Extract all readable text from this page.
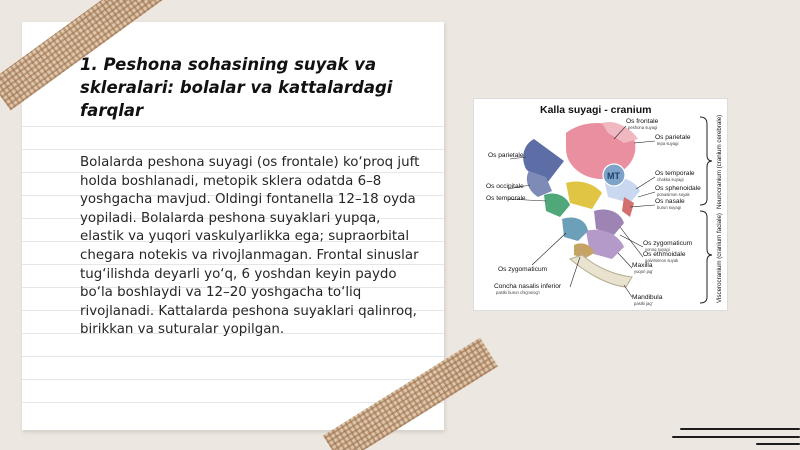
1. Peshona sohasining suyak va skleralari: bolalar va kattalardagi farqlar
Bolalarda peshona suyagi (os frontale) ko‘proq juft holda boshlanadi, metopik sklera odatda 6–8 yoshgacha mavjud. Oldingi fontanella 12–18 oyda yopiladi. Bolalarda peshona suyaklari yupqa, elastik va yuqori vaskulyarlikka ega; supraorbital chegara notekis va rivojlanmagan. Frontal sinuslar tug‘ilishda deyarli yo‘q, 6 yoshdan keyin paydo bo‘la boshlaydi va 12–20 yoshgacha to‘liq rivojlanadi. Kattalarda peshona suyaklari qalinroq, birikkan va suturalar yopilgan.
Kalla suyagi - cranium
MT
Os frontale
peshona suyagi
Os parietale
tepa suyagi
Os parietale
Os temporale
chakka suyagi
Os occipitale	Os sphenoidale
ponasimon suyak
Os temporale	Os nasale
burun suyagi
Os zygomaticum
yonoq suyagi
Os ethmoidale
galvirsimon suyak
Maxilla
yuqori jag'
Os zygomaticum
Concha nasalis inferior
pastki burun chig'anog'i
Mandibula
pastki jag'
Neurocranium (cranium cerebrale)
Viscerocranium (cranium faciale)
